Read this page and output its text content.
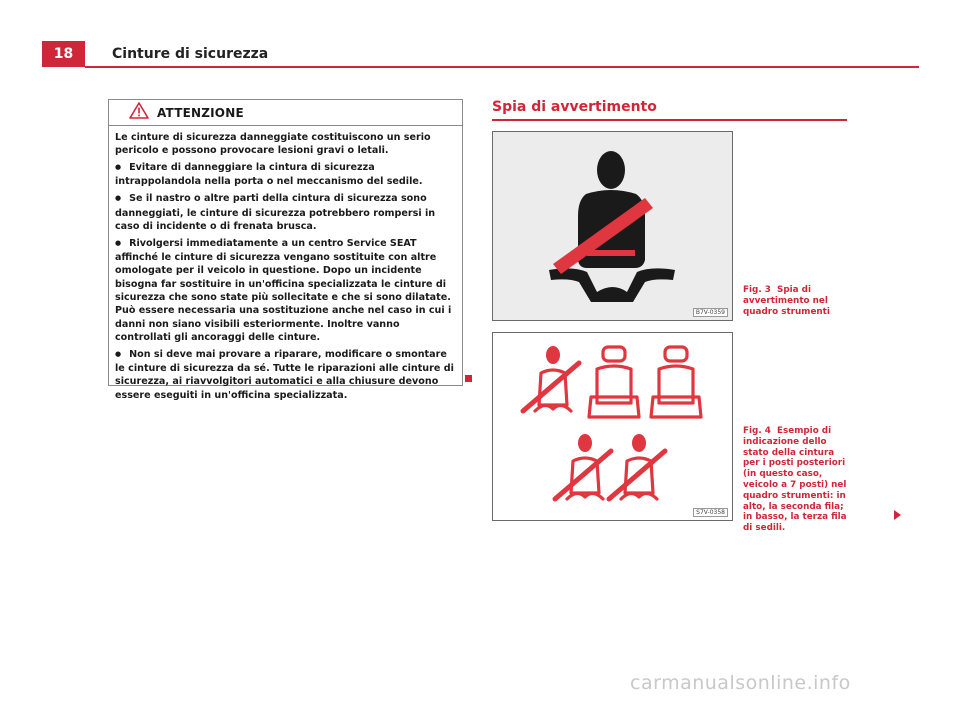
18	Cinture di sicurezza
ATTENZIONE

Le cinture di sicurezza danneggiate costituiscono un serio pericolo e possono provocare lesioni gravi o letali.

● Evitare di danneggiare la cintura di sicurezza intrappolandola nella porta o nel meccanismo del sedile.

● Se il nastro o altre parti della cintura di sicurezza sono danneggiati, le cinture di sicurezza potrebbero rompersi in caso di incidente o di frenata brusca.

● Rivolgersi immediatamente a un centro Service SEAT affinché le cinture di sicurezza vengano sostituite con altre omologate per il veicolo in questione. Dopo un incidente bisogna far sostituire in un'officina specializzata le cinture di sicurezza che sono state più sollecitate e che si sono dilatate. Può essere necessaria una sostituzione anche nel caso in cui i danni non siano visibili esteriormente. Inoltre vanno controllati gli ancoraggi delle cinture.

● Non si deve mai provare a riparare, modificare o smontare le cinture di sicurezza da sé. Tutte le riparazioni alle cinture di sicurezza, ai riavvolgitori automatici e alla chiusure devono essere eseguiti in un'officina specializzata.

Spia di avvertimento
B7V-0359
Fig. 3 Spia di avvertimento nel quadro strumenti
S7V-0358
Fig. 4 Esempio di indicazione dello stato della cintura per i posti posteriori (in questo caso, veicolo a 7 posti) nel quadro strumenti: in alto, la seconda fila; in basso, la terza fila di sedili.
carmanualsonline.info
